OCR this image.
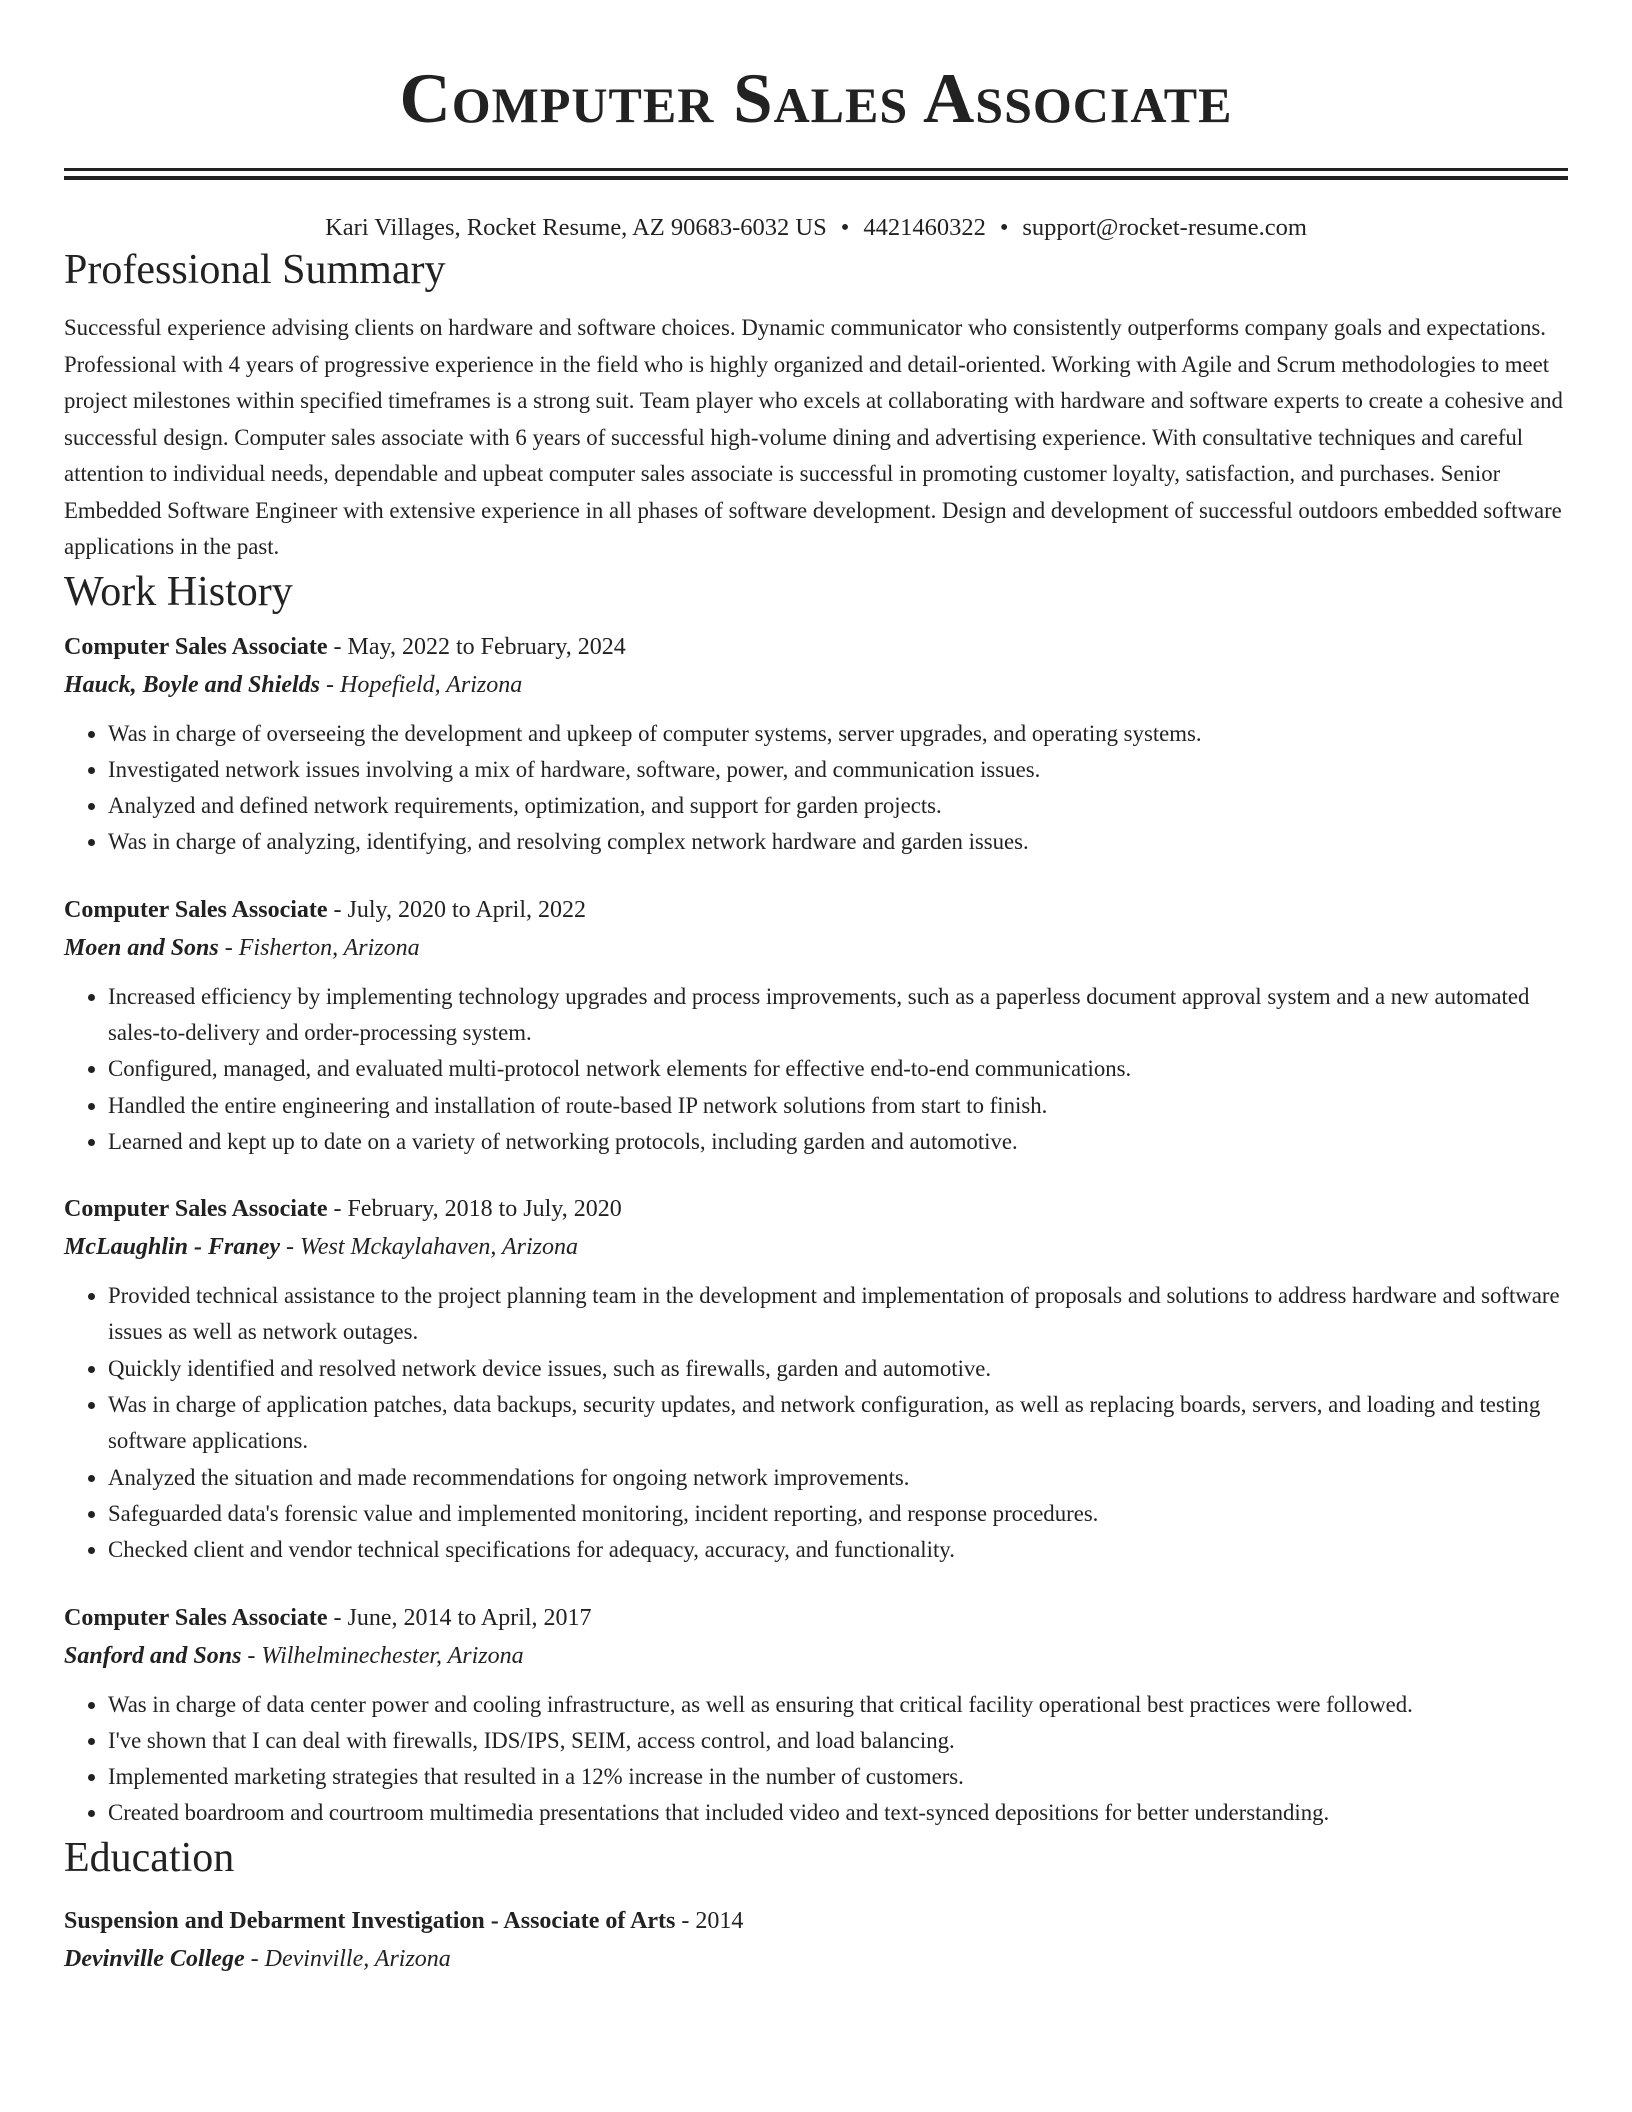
Computer Sales Associate
Kari Villages, Rocket Resume, AZ 90683-6032 US • 4421460322 • support@rocket-resume.com
Professional Summary

Successful experience advising clients on hardware and software choices. Dynamic communicator who consistently outperforms company goals and expectations. Professional with 4 years of progressive experience in the field who is highly organized and detail-oriented. Working with Agile and Scrum methodologies to meet project milestones within specified timeframes is a strong suit. Team player who excels at collaborating with hardware and software experts to create a cohesive and successful design. Computer sales associate with 6 years of successful high-volume dining and advertising experience. With consultative techniques and careful attention to individual needs, dependable and upbeat computer sales associate is successful in promoting customer loyalty, satisfaction, and purchases. Senior Embedded Software Engineer with extensive experience in all phases of software development. Design and development of successful outdoors embedded software applications in the past.

Work History
Computer Sales Associate - May, 2022 to February, 2024
Hauck, Boyle and Shields - Hopefield, Arizona
• Was in charge of overseeing the development and upkeep of computer systems, server upgrades, and operating systems.
• Investigated network issues involving a mix of hardware, software, power, and communication issues.
• Analyzed and defined network requirements, optimization, and support for garden projects.
• Was in charge of analyzing, identifying, and resolving complex network hardware and garden issues.
Computer Sales Associate - July, 2020 to April, 2022
Moen and Sons - Fisherton, Arizona
• Increased efficiency by implementing technology upgrades and process improvements, such as a paperless document approval system and a new automated sales-to-delivery and order-processing system.
• Configured, managed, and evaluated multi-protocol network elements for effective end-to-end communications.
• Handled the entire engineering and installation of route-based IP network solutions from start to finish.
• Learned and kept up to date on a variety of networking protocols, including garden and automotive.
Computer Sales Associate - February, 2018 to July, 2020
McLaughlin - Franey - West Mckaylahaven, Arizona
• Provided technical assistance to the project planning team in the development and implementation of proposals and solutions to address hardware and software issues as well as network outages.
• Quickly identified and resolved network device issues, such as firewalls, garden and automotive.
• Was in charge of application patches, data backups, security updates, and network configuration, as well as replacing boards, servers, and loading and testing software applications.
• Analyzed the situation and made recommendations for ongoing network improvements.
• Safeguarded data's forensic value and implemented monitoring, incident reporting, and response procedures.
• Checked client and vendor technical specifications for adequacy, accuracy, and functionality.
Computer Sales Associate - June, 2014 to April, 2017
Sanford and Sons - Wilhelminechester, Arizona
• Was in charge of data center power and cooling infrastructure, as well as ensuring that critical facility operational best practices were followed.
• I've shown that I can deal with firewalls, IDS/IPS, SEIM, access control, and load balancing.
• Implemented marketing strategies that resulted in a 12% increase in the number of customers.
• Created boardroom and courtroom multimedia presentations that included video and text-synced depositions for better understanding.
Education
Suspension and Debarment Investigation - Associate of Arts - 2014
Devinville College - Devinville, Arizona
